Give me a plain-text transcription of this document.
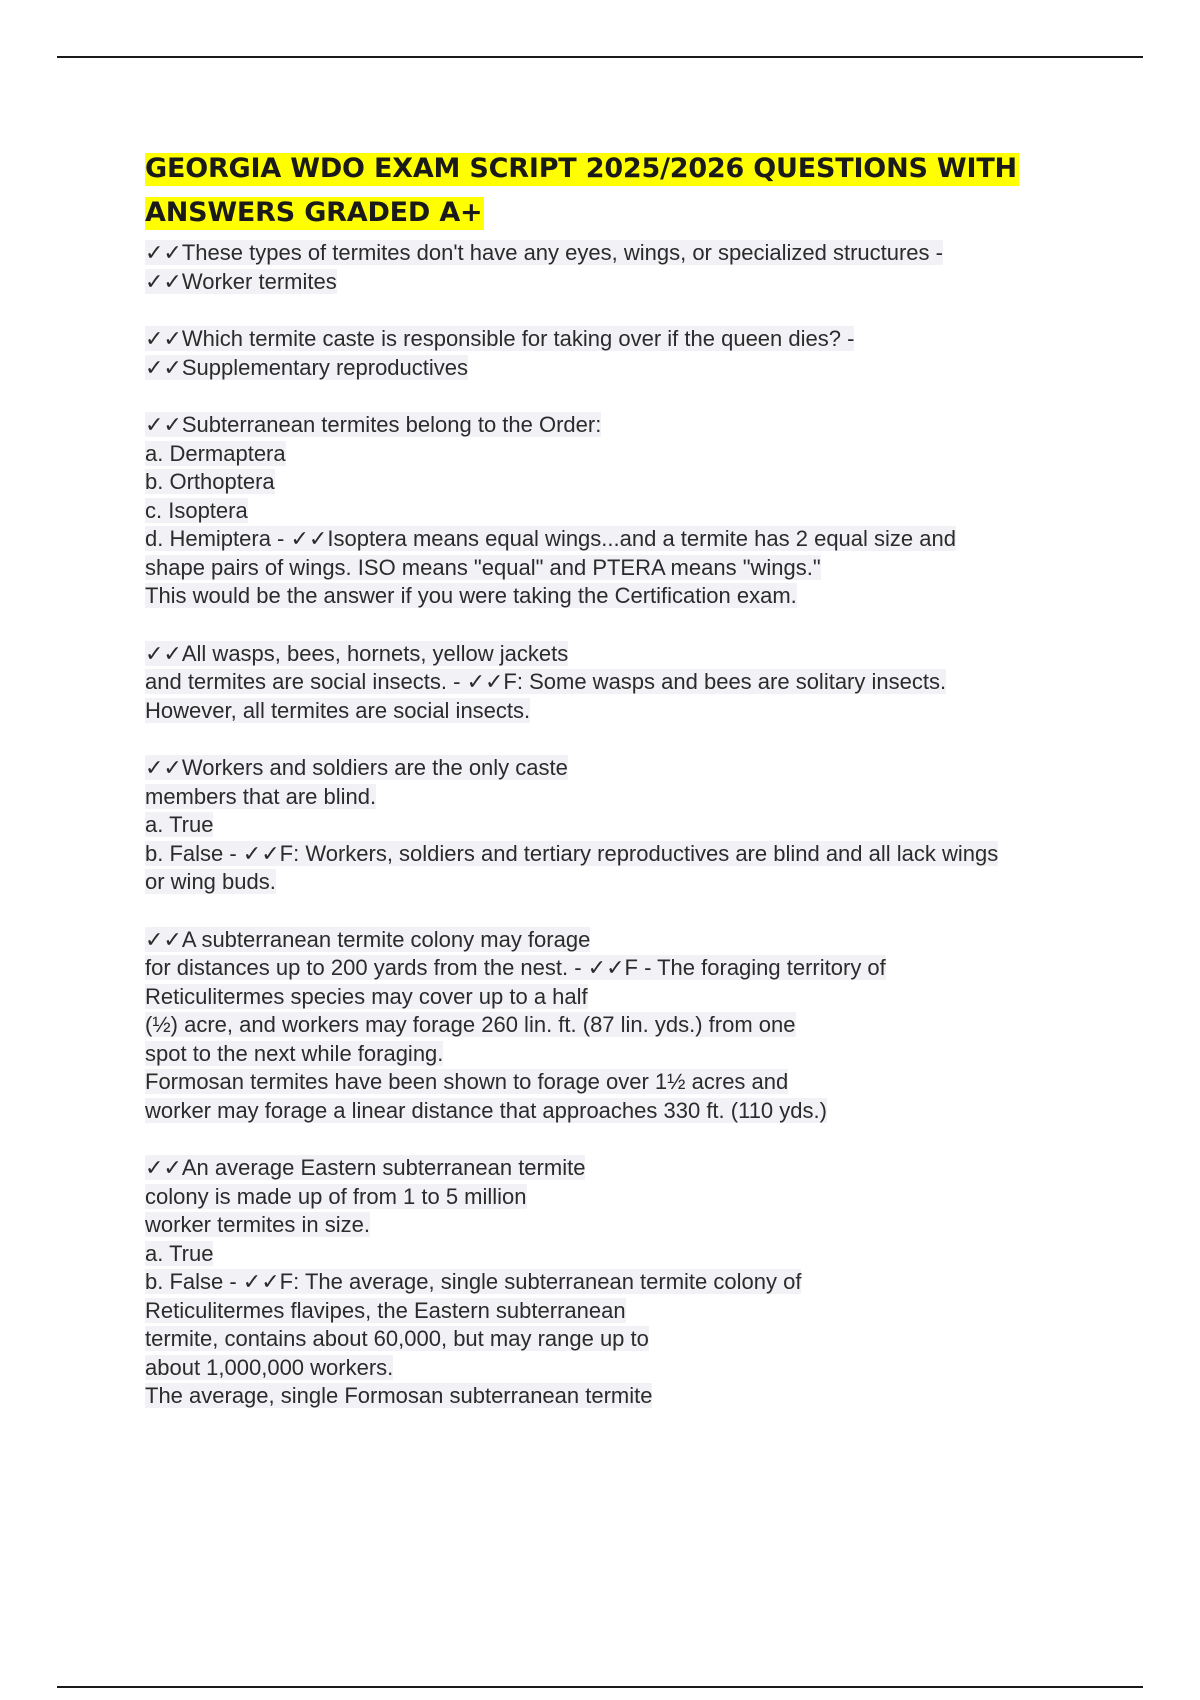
GEORGIA WDO EXAM SCRIPT 2025/2026 QUESTIONS WITH
ANSWERS GRADED A+
✓✓These types of termites don't have any eyes, wings, or specialized structures -
✓✓Worker termites
✓✓Which termite caste is responsible for taking over if the queen dies? -
✓✓Supplementary reproductives
✓✓Subterranean termites belong to the Order:
a. Dermaptera
b. Orthoptera
c. Isoptera
d. Hemiptera - ✓✓Isoptera means equal wings...and a termite has 2 equal size and
shape pairs of wings. ISO means "equal" and PTERA means "wings."
This would be the answer if you were taking the Certification exam.
✓✓All wasps, bees, hornets, yellow jackets
and termites are social insects. - ✓✓F: Some wasps and bees are solitary insects.
However, all termites are social insects.
✓✓Workers and soldiers are the only caste
members that are blind.
a. True
b. False - ✓✓F: Workers, soldiers and tertiary reproductives are blind and all lack wings
or wing buds.
✓✓A subterranean termite colony may forage
for distances up to 200 yards from the nest. - ✓✓F - The foraging territory of
Reticulitermes species may cover up to a half
(½) acre, and workers may forage 260 lin. ft. (87 lin. yds.) from one
spot to the next while foraging.
Formosan termites have been shown to forage over 1½ acres and
worker may forage a linear distance that approaches 330 ft. (110 yds.)
✓✓An average Eastern subterranean termite
colony is made up of from 1 to 5 million
worker termites in size.
a. True
b. False - ✓✓F: The average, single subterranean termite colony of
Reticulitermes flavipes, the Eastern subterranean
termite, contains about 60,000, but may range up to
about 1,000,000 workers.
The average, single Formosan subterranean termite
